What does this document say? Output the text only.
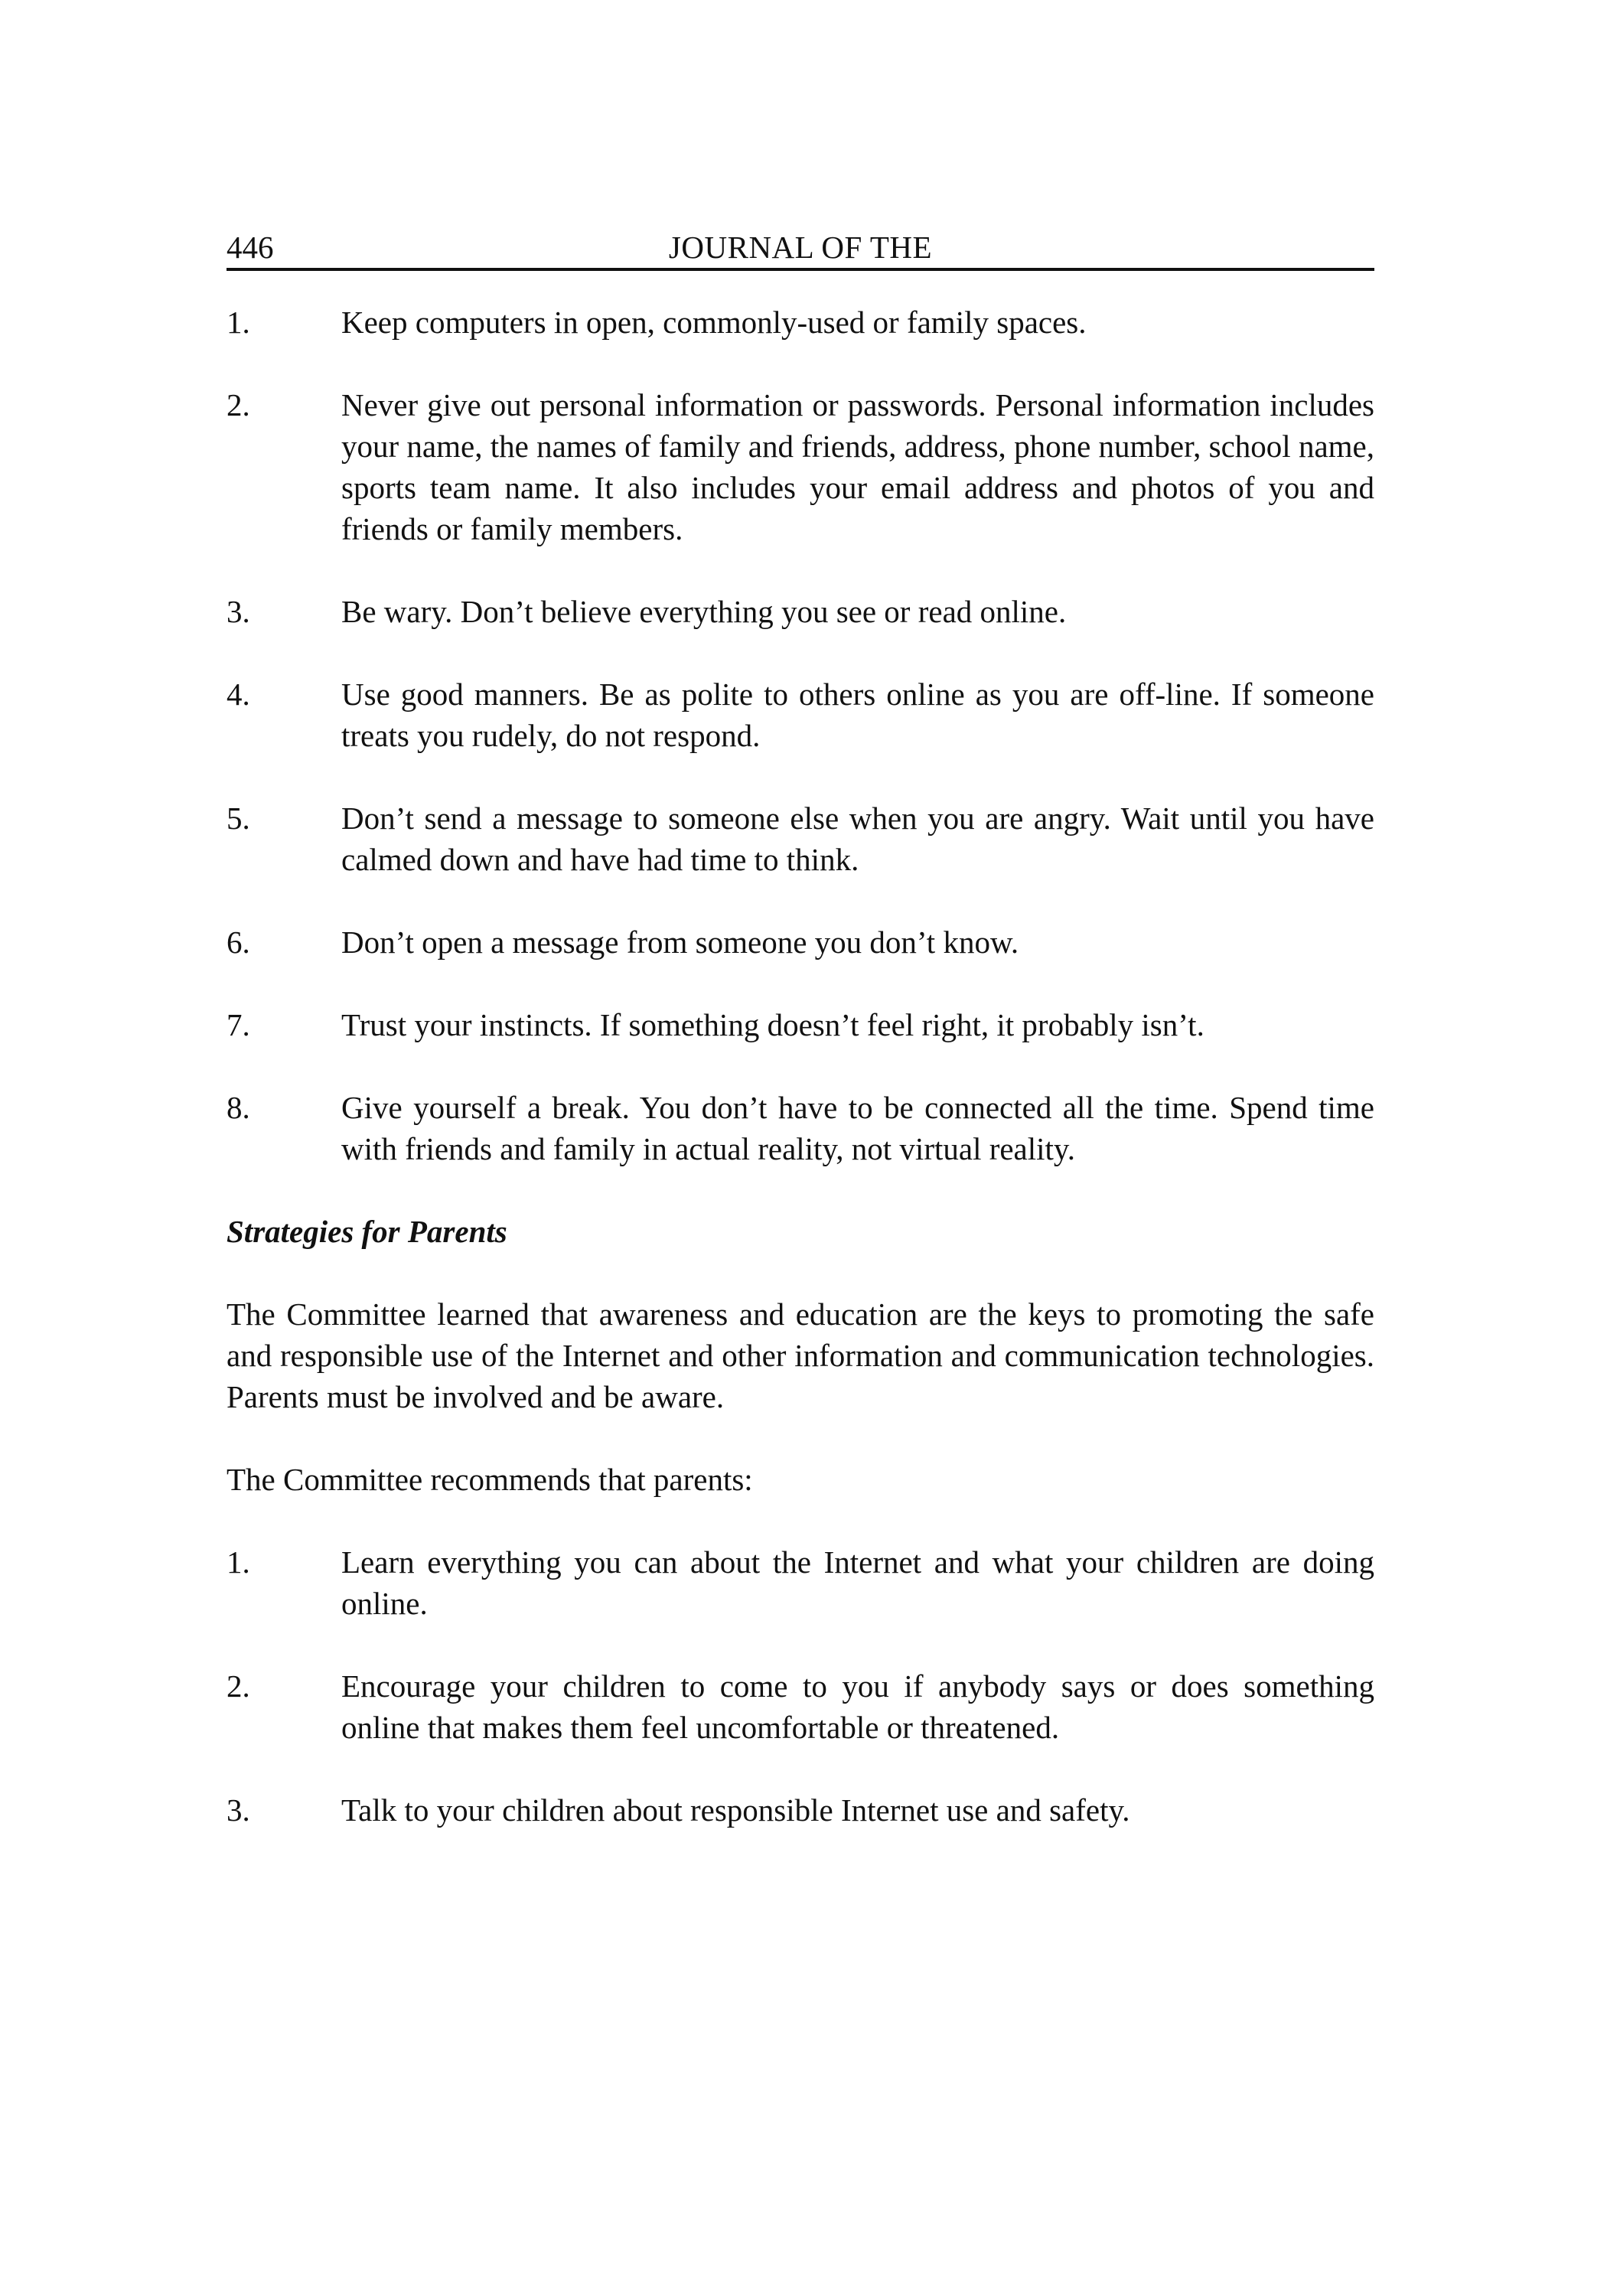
446	JOURNAL OF THE
1.	Keep computers in open, commonly-used or family spaces.
2.	Never give out personal information or passwords. Personal information includes your name, the names of family and friends, address, phone number, school name, sports team name. It also includes your email address and photos of you and friends or family members.
3.	Be wary. Don’t believe everything you see or read online.
4.	Use good manners. Be as polite to others online as you are off-line. If someone treats you rudely, do not respond.
5.	Don’t send a message to someone else when you are angry. Wait until you have calmed down and have had time to think.
6.	Don’t open a message from someone you don’t know.
7.	Trust your instincts. If something doesn’t feel right, it probably isn’t.
8.	Give yourself a break. You don’t have to be connected all the time. Spend time with friends and family in actual reality, not virtual reality.
Strategies for Parents

The Committee learned that awareness and education are the keys to promoting the safe and responsible use of the Internet and other information and communication technologies. Parents must be involved and be aware.

The Committee recommends that parents:

1.	Learn everything you can about the Internet and what your children are doing online.
2.	Encourage your children to come to you if anybody says or does something online that makes them feel uncomfortable or threatened.
3.	Talk to your children about responsible Internet use and safety.
